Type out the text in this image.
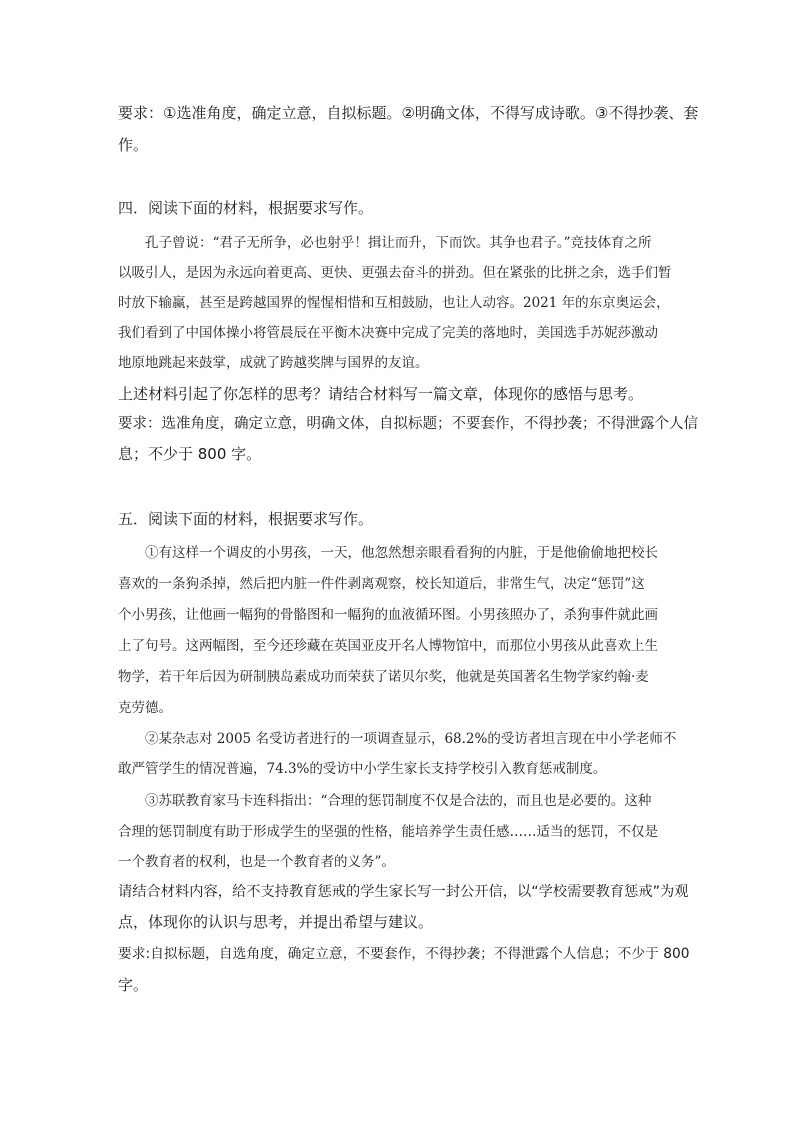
要求：①选准角度，确定立意，自拟标题。②明确文体，不得写成诗歌。③不得抄袭、套
作。
四．阅读下面的材料，根据要求写作。
　　孔子曾说：“君子无所争，必也射乎！揖让而升，下而饮。其争也君子。”竞技体育之所
以吸引人，是因为永远向着更高、更快、更强去奋斗的拼劲。但在紧张的比拼之余，选手们暂
时放下输赢，甚至是跨越国界的惺惺相惜和互相鼓励，也让人动容。2021 年的东京奥运会，
我们看到了中国体操小将管晨辰在平衡木决赛中完成了完美的落地时，美国选手苏妮莎激动
地原地跳起来鼓掌，成就了跨越奖牌与国界的友谊。
上述材料引起了你怎样的思考？请结合材料写一篇文章，体现你的感悟与思考。
要求：选准角度，确定立意，明确文体，自拟标题；不要套作，不得抄袭；不得泄露个人信
息；不少于 800 字。
五．阅读下面的材料，根据要求写作。
　　①有这样一个调皮的小男孩，一天，他忽然想亲眼看看狗的内脏，于是他偷偷地把校长
喜欢的一条狗杀掉，然后把内脏一件件剥离观察，校长知道后，非常生气，决定“惩罚”这
个小男孩，让他画一幅狗的骨骼图和一幅狗的血液循环图。小男孩照办了，杀狗事件就此画
上了句号。这两幅图，至今还珍藏在英国亚皮开名人博物馆中，而那位小男孩从此喜欢上生
物学，若干年后因为研制胰岛素成功而荣获了诺贝尔奖，他就是英国著名生物学家约翰·麦
克劳德。
　　②某杂志对 2005 名受访者进行的一项调查显示，68.2%的受访者坦言现在中小学老师不
敢严管学生的情况普遍，74.3%的受访中小学生家长支持学校引入教育惩戒制度。
　　③苏联教育家马卡连科指出：“合理的惩罚制度不仅是合法的，而且也是必要的。这种
合理的惩罚制度有助于形成学生的坚强的性格，能培养学生责任感……适当的惩罚，不仅是
一个教育者的权利，也是一个教育者的义务”。
请结合材料内容，给不支持教育惩戒的学生家长写一封公开信，以“学校需要教育惩戒”为观
点，体现你的认识与思考，并提出希望与建议。
要求:自拟标题，自选角度，确定立意，不要套作，不得抄袭；不得泄露个人信息；不少于 800
字。
